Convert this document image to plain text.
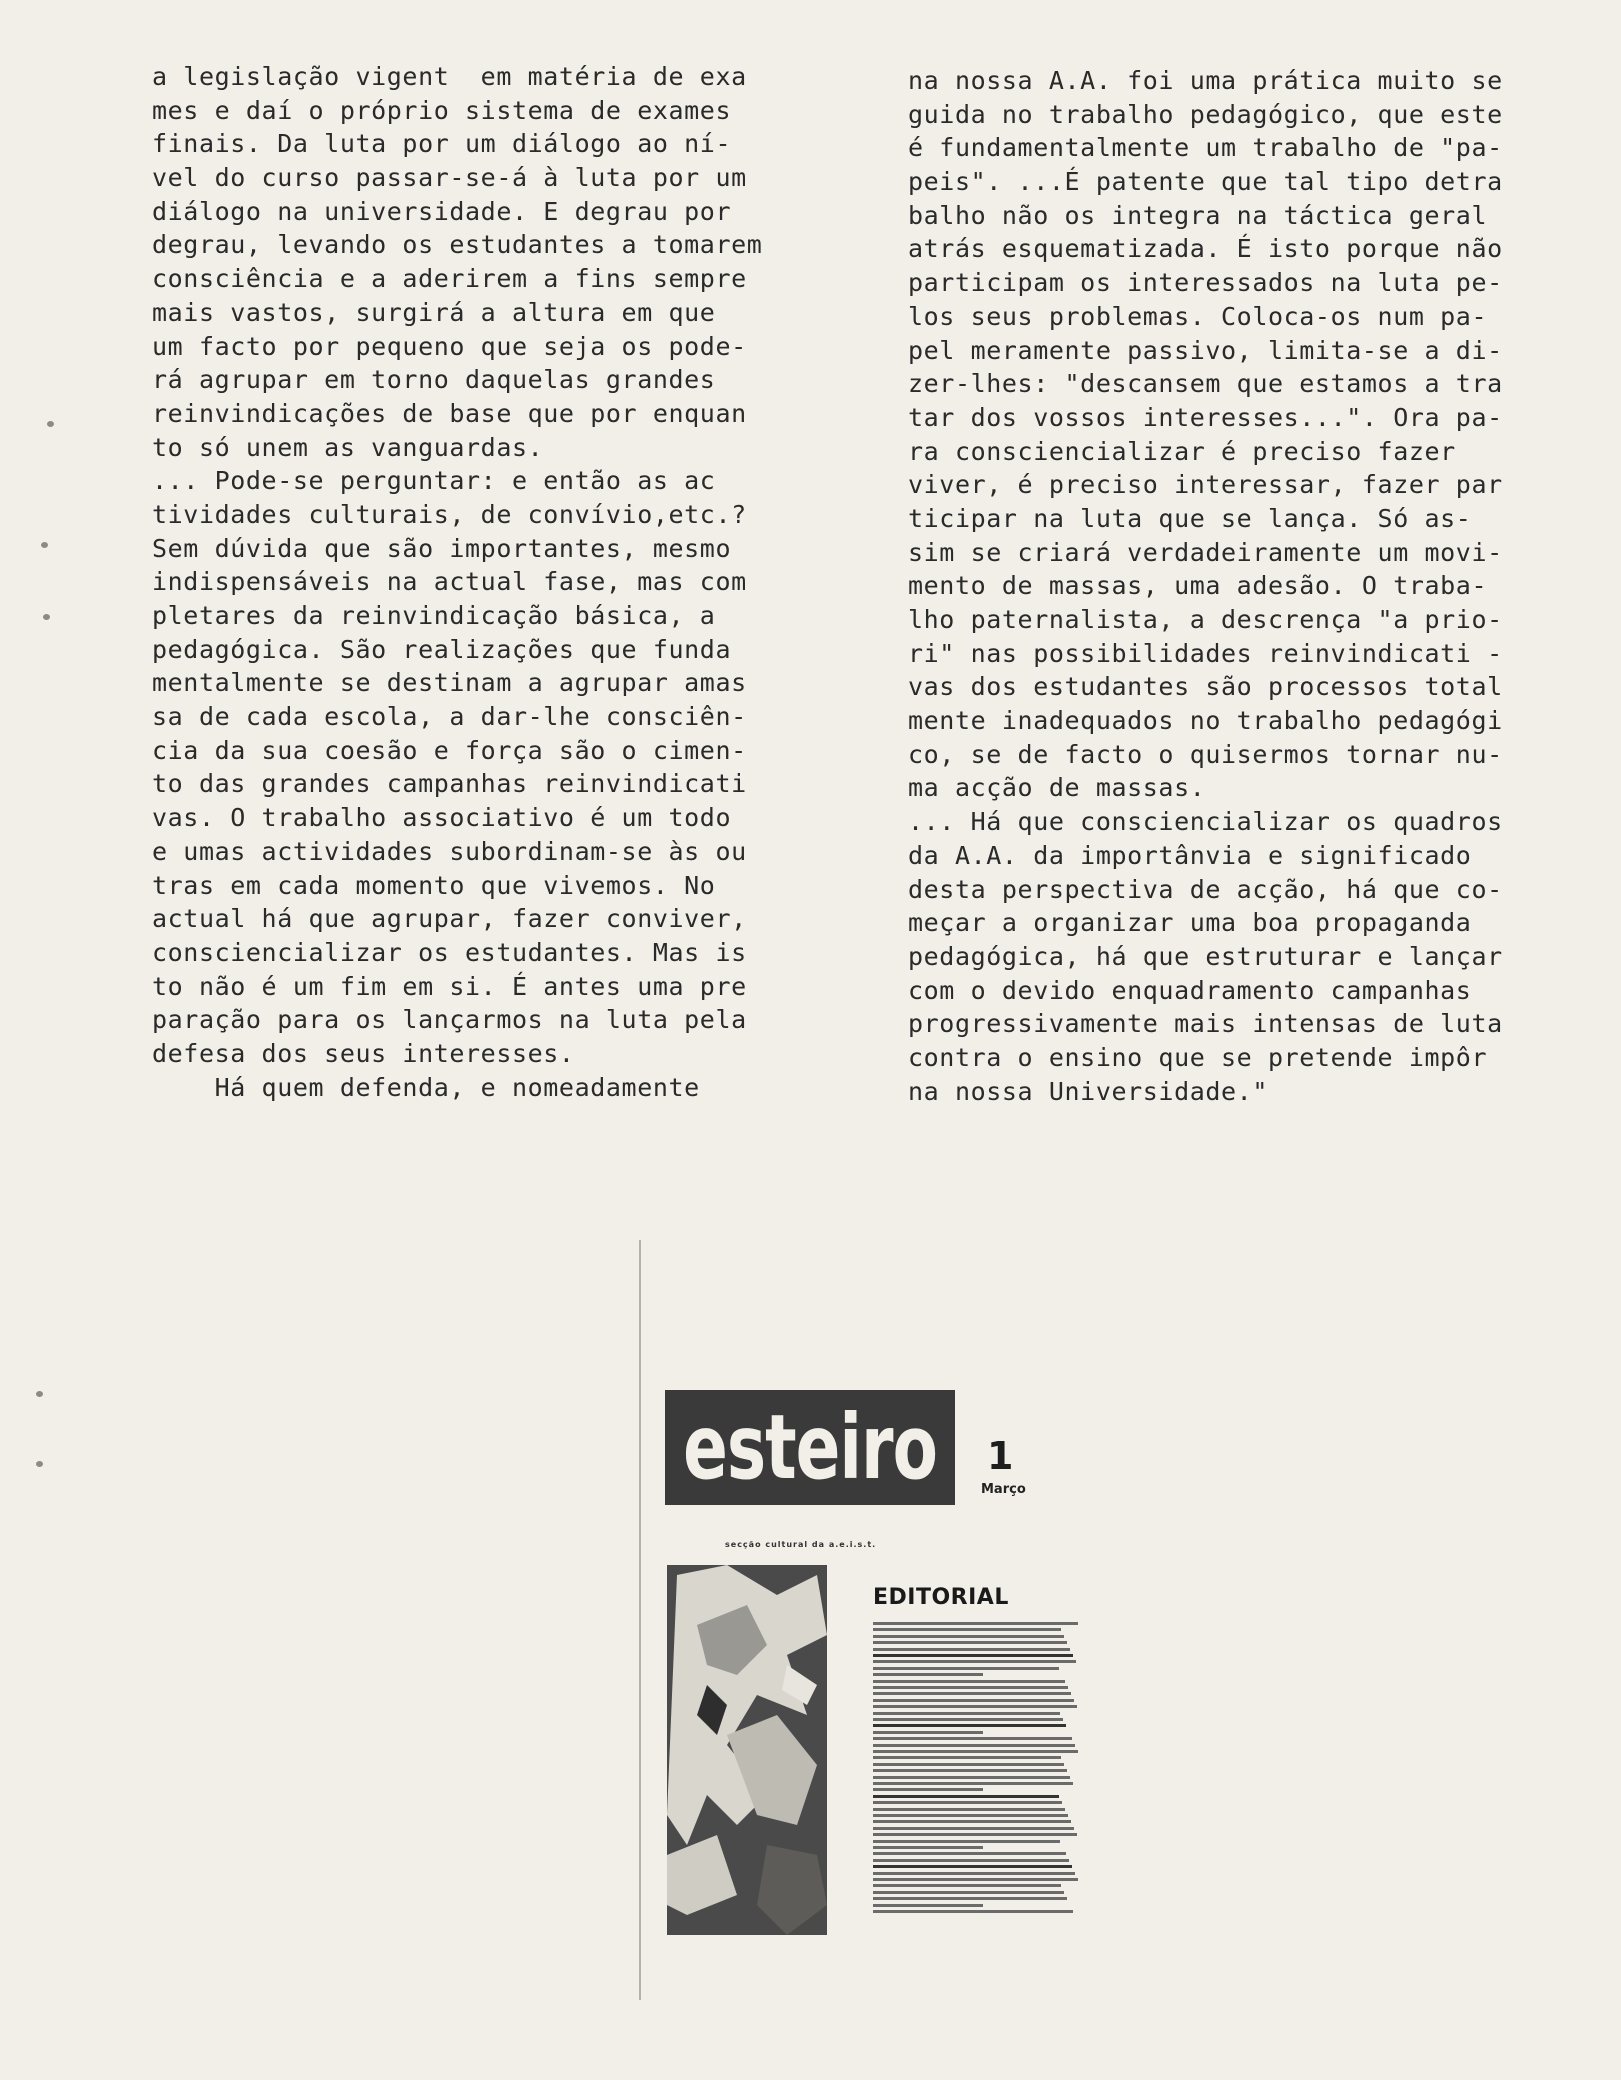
a legislação vigent  em matéria de exa
mes e daí o próprio sistema de exames
finais. Da luta por um diálogo ao ní-
vel do curso passar-se-á à luta por um
diálogo na universidade. E degrau por
degrau, levando os estudantes a tomarem
consciência e a aderirem a fins sempre
mais vastos, surgirá a altura em que
um facto por pequeno que seja os pode-
rá agrupar em torno daquelas grandes
reinvindicações de base que por enquan
to só unem as vanguardas.
... Pode-se perguntar: e então as ac
tividades culturais, de convívio,etc.?
Sem dúvida que são importantes, mesmo
indispensáveis na actual fase, mas com
pletares da reinvindicação básica, a
pedagógica. São realizações que funda
mentalmente se destinam a agrupar amas
sa de cada escola, a dar-lhe consciên-
cia da sua coesão e força são o cimen-
to das grandes campanhas reinvindicati
vas. O trabalho associativo é um todo
e umas actividades subordinam-se às ou
tras em cada momento que vivemos. No
actual há que agrupar, fazer conviver,
consciencializar os estudantes. Mas is
to não é um fim em si. É antes uma pre
paração para os lançarmos na luta pela
defesa dos seus interesses.
Há quem defenda, e nomeadamente
na nossa A.A. foi uma prática muito se
guida no trabalho pedagógico, que este
é fundamentalmente um trabalho de "pa-
peis". ...É patente que tal tipo detra
balho não os integra na táctica geral
atrás esquematizada. É isto porque não
participam os interessados na luta pe-
los seus problemas. Coloca-os num pa-
pel meramente passivo, limita-se a di-
zer-lhes: "descansem que estamos a tra
tar dos vossos interesses...". Ora pa-
ra consciencializar é preciso fazer
viver, é preciso interessar, fazer par
ticipar na luta que se lança. Só as-
sim se criará verdadeiramente um movi-
mento de massas, uma adesão. O traba-
lho paternalista, a descrença "a prio-
ri" nas possibilidades reinvindicati -
vas dos estudantes são processos total
mente inadequados no trabalho pedagógi
co, se de facto o quisermos tornar nu-
ma acção de massas.
... Há que consciencializar os quadros
da A.A. da importânvia e significado
desta perspectiva de acção, há que co-
meçar a organizar uma boa propaganda
pedagógica, há que estruturar e lançar
com o devido enquadramento campanhas
progressivamente mais intensas de luta
contra o ensino que se pretende impôr
na nossa Universidade."
esteiro 1
Março
secção cultural da a.e.i.s.t.
EDITORIAL
